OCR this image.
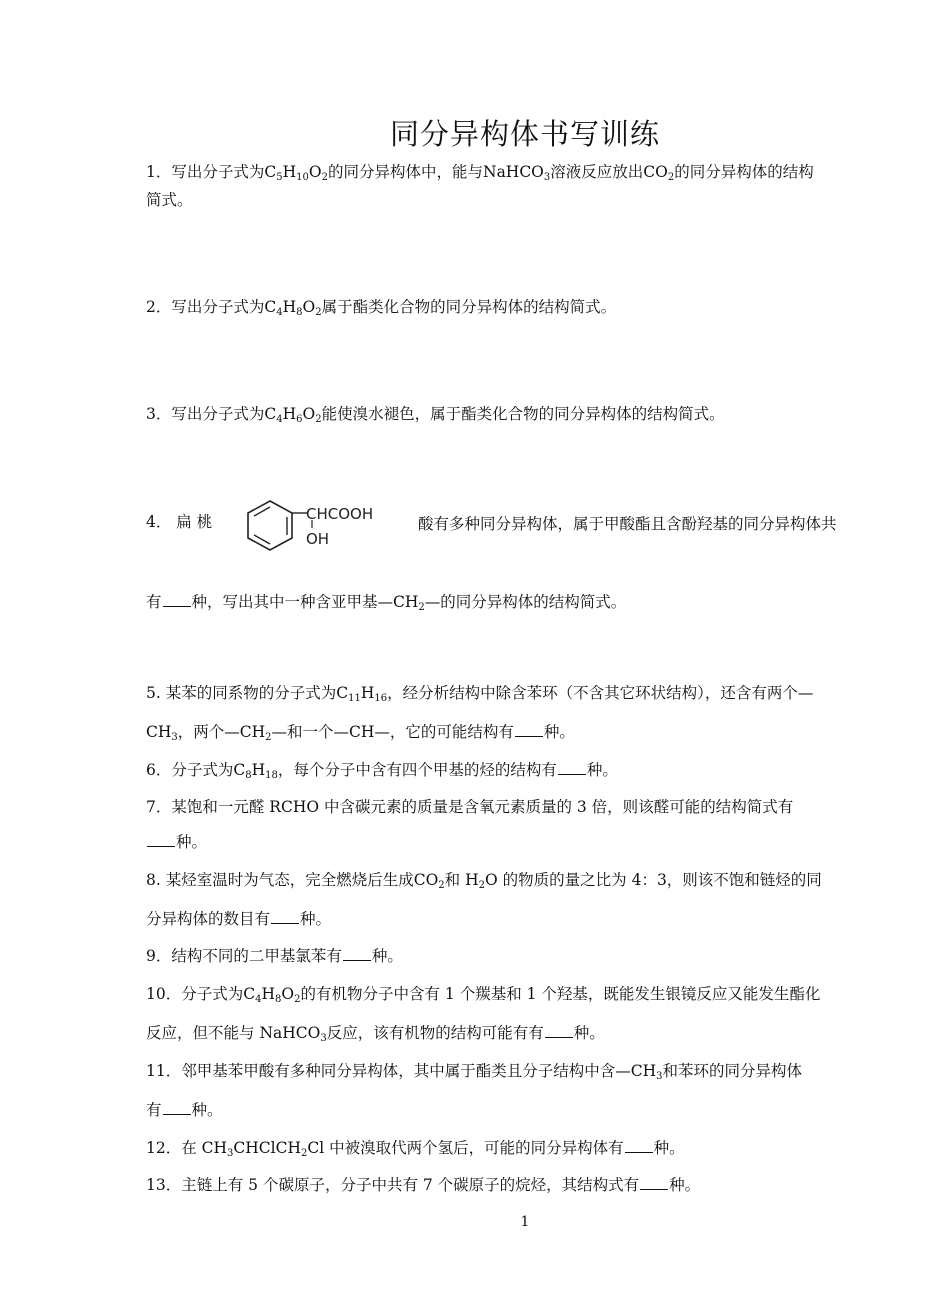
同分异构体书写训练
1．写出分子式为$C_5H_{10}O_2$的同分异构体中，能与NaHCO$_3$溶液反应放出$CO_2$的同分异构体的结构
简式。
2．写出分子式为$C_4H_8O_2$属于酯类化合物的同分异构体的结构简式。
3．写出分子式为$C_4H_6O_2$能使溴水褪色，属于酯类化合物的同分异构体的结构简式。
4． 扁 桃	CHCOOH
OH
酸有多种同分异构体，属于甲酸酯且含酚羟基的同分异构体共
有 种，写出其中一种含亚甲基$—CH_2—$的同分异构体的结构简式。
5. 某苯的同系物的分子式为$C_{11}H_{16}$，经分析结构中除含苯环（不含其它环状结构），还含有两个—
$CH_3$，两个$—CH_2—$和一个—CH—，它的可能结构有 种。
6．分子式为$C_8H_{18}$，每个分子中含有四个甲基的烃的结构有 种。
7．某饱和一元醛 RCHO 中含碳元素的质量是含氧元素质量的 3 倍，则该醛可能的结构简式有
种。
8. 某烃室温时为气态，完全燃烧后生成$CO_2$和 $H_2O$ 的物质的量之比为 4：3，则该不饱和链烃的同
分异构体的数目有 种。
9．结构不同的二甲基氯苯有 种。
10．分子式为$C_4H_8O_2$的有机物分子中含有 1 个羰基和 1 个羟基，既能发生银镜反应又能发生酯化
反应，但不能与 NaHCO$_3$反应，该有机物的结构可能有有 种。
11．邻甲基苯甲酸有多种同分异构体，其中属于酯类且分子结构中含$—CH_3$和苯环的同分异构体
有 种。
12．在 $CH_3CHClCH_2Cl$ 中被溴取代两个氢后，可能的同分异构体有 种。
13．主链上有 5 个碳原子，分子中共有 7 个碳原子的烷烃，其结构式有 种。
1
